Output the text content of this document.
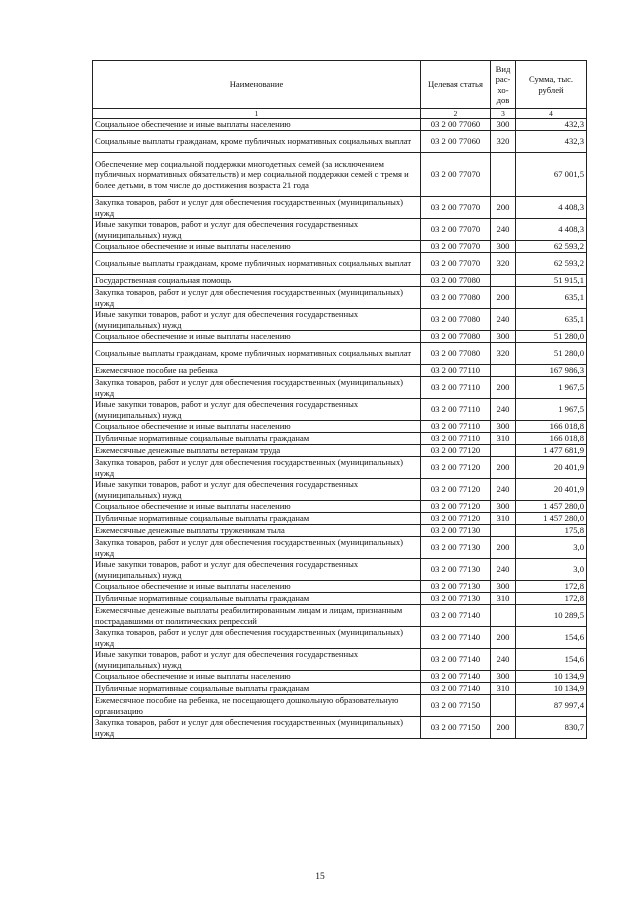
Наименование	Целевая статья	Вид рас-хо-дов	Сумма, тыс. рублей
1	2	3	4
Социальное обеспечение и иные выплаты населению	03 2 00 77060	300	432,3
Социальные выплаты гражданам, кроме публичных нормативных социальных выплат	03 2 00 77060	320	432,3
Обеспечение мер социальной поддержки многодетных семей (за исключением публичных нормативных обязательств) и мер социальной поддержки семей с тремя и более детьми, в том числе до достижения возраста 21 года	03 2 00 77070		67 001,5
Закупка товаров, работ и услуг для обеспечения государственных (муниципальных) нужд	03 2 00 77070	200	4 408,3
Иные закупки товаров, работ и услуг для обеспечения государственных (муниципальных) нужд	03 2 00 77070	240	4 408,3
Социальное обеспечение и иные выплаты населению	03 2 00 77070	300	62 593,2
Социальные выплаты гражданам, кроме публичных нормативных социальных выплат	03 2 00 77070	320	62 593,2
Государственная социальная помощь	03 2 00 77080		51 915,1
Закупка товаров, работ и услуг для обеспечения государственных (муниципальных) нужд	03 2 00 77080	200	635,1
Иные закупки товаров, работ и услуг для обеспечения государственных (муниципальных) нужд	03 2 00 77080	240	635,1
Социальное обеспечение и иные выплаты населению	03 2 00 77080	300	51 280,0
Социальные выплаты гражданам, кроме публичных нормативных социальных выплат	03 2 00 77080	320	51 280,0
Ежемесячное пособие на ребенка	03 2 00 77110		167 986,3
Закупка товаров, работ и услуг для обеспечения государственных (муниципальных) нужд	03 2 00 77110	200	1 967,5
Иные закупки товаров, работ и услуг для обеспечения государственных (муниципальных) нужд	03 2 00 77110	240	1 967,5
Социальное обеспечение и иные выплаты населению	03 2 00 77110	300	166 018,8
Публичные нормативные социальные выплаты гражданам	03 2 00 77110	310	166 018,8
Ежемесячные денежные выплаты ветеранам труда	03 2 00 77120		1 477 681,9
Закупка товаров, работ и услуг для обеспечения государственных (муниципальных) нужд	03 2 00 77120	200	20 401,9
Иные закупки товаров, работ и услуг для обеспечения государственных (муниципальных) нужд	03 2 00 77120	240	20 401,9
Социальное обеспечение и иные выплаты населению	03 2 00 77120	300	1 457 280,0
Публичные нормативные социальные выплаты гражданам	03 2 00 77120	310	1 457 280,0
Ежемесячные денежные выплаты труженикам тыла	03 2 00 77130		175,8
Закупка товаров, работ и услуг для обеспечения государственных (муниципальных) нужд	03 2 00 77130	200	3,0
Иные закупки товаров, работ и услуг для обеспечения государственных (муниципальных) нужд	03 2 00 77130	240	3,0
Социальное обеспечение и иные выплаты населению	03 2 00 77130	300	172,8
Публичные нормативные социальные выплаты гражданам	03 2 00 77130	310	172,8
Ежемесячные денежные выплаты реабилитированным лицам и лицам, признанным пострадавшими от политических репрессий	03 2 00 77140		10 289,5
Закупка товаров, работ и услуг для обеспечения государственных (муниципальных) нужд	03 2 00 77140	200	154,6
Иные закупки товаров, работ и услуг для обеспечения государственных (муниципальных) нужд	03 2 00 77140	240	154,6
Социальное обеспечение и иные выплаты населению	03 2 00 77140	300	10 134,9
Публичные нормативные социальные выплаты гражданам	03 2 00 77140	310	10 134,9
Ежемесячное пособие на ребенка, не посещающего дошкольную образовательную организацию	03 2 00 77150		87 997,4
Закупка товаров, работ и услуг для обеспечения государственных (муниципальных) нужд	03 2 00 77150	200	830,7
15
